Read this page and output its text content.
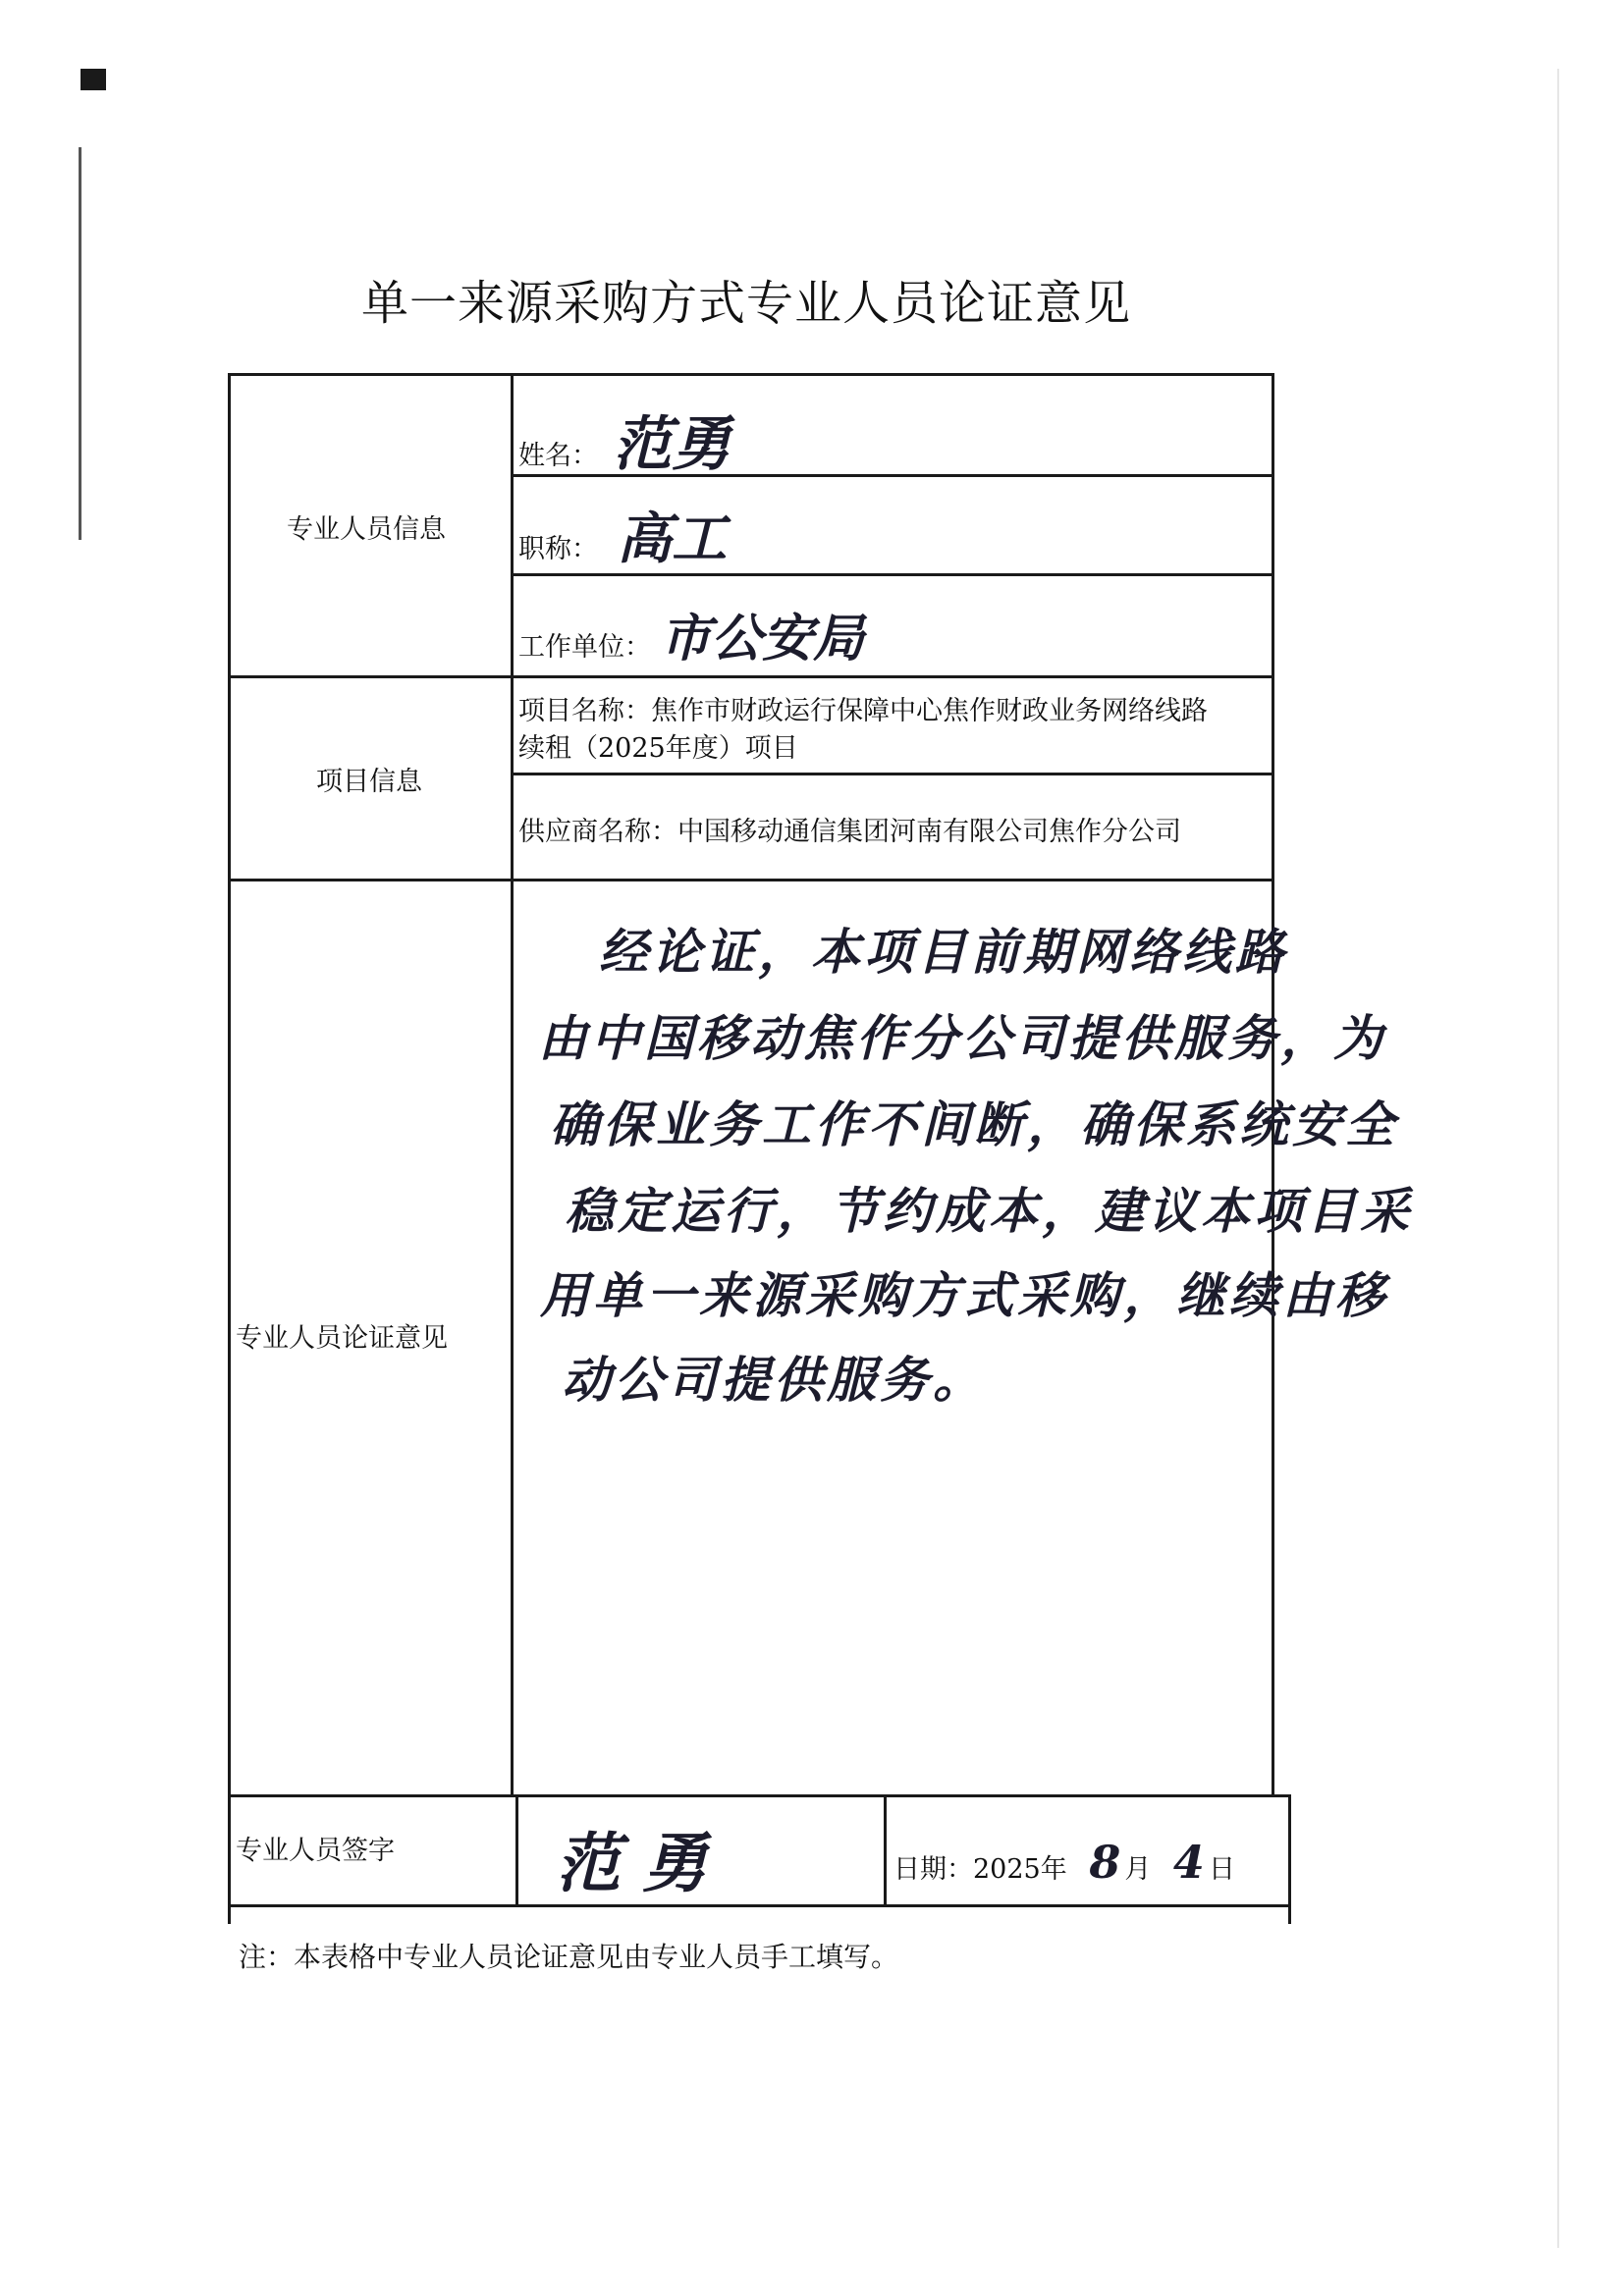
单一来源采购方式专业人员论证意见
专业人员信息
项目信息
专业人员论证意见
专业人员签字
姓名： 范勇
职称： 高工
工作单位： 市公安局
项目名称：焦作市财政运行保障中心焦作财政业务网络线路
续租（2025年度）项目
供应商名称：中国移动通信集团河南有限公司焦作分公司
经论证，本项目前期网络线路
由中国移动焦作分公司提供服务，为
确保业务工作不间断，确保系统安全
稳定运行，节约成本，建议本项目采
用单一来源采购方式采购，继续由移
动公司提供服务。
范勇	日期：2025年 8 月 4 日
注：本表格中专业人员论证意见由专业人员手工填写。
